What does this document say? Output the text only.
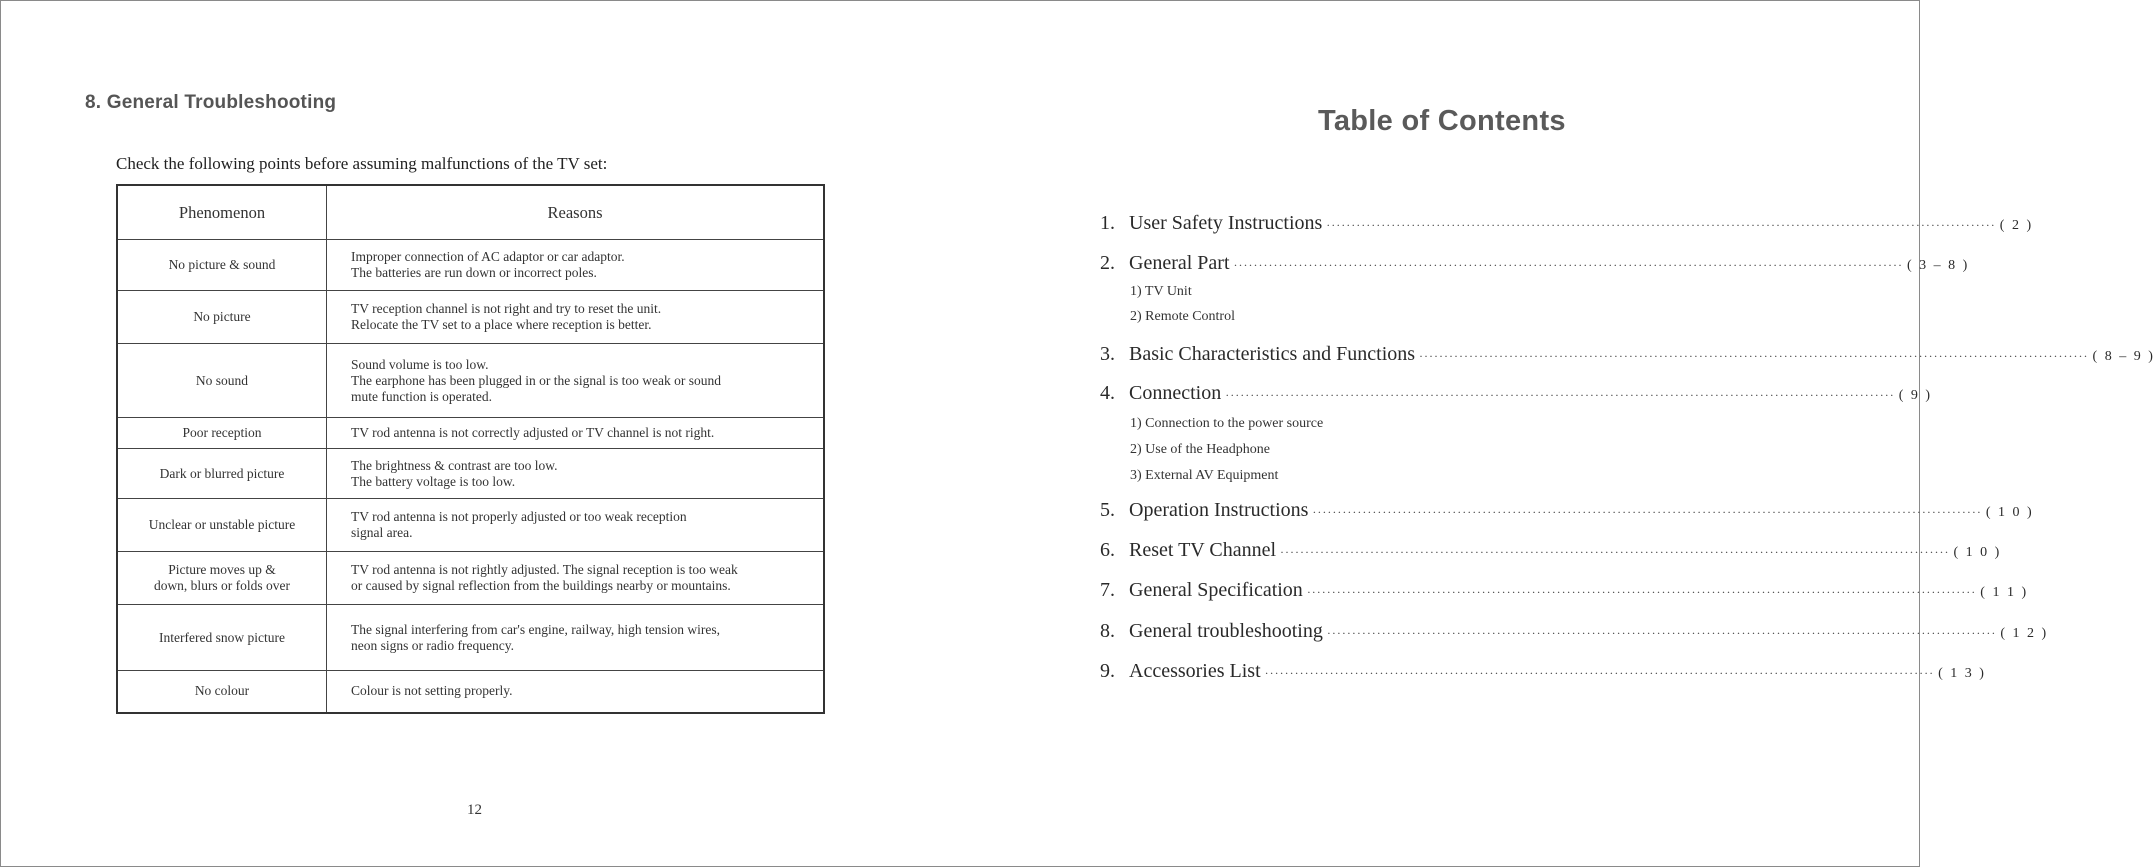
8. General Troubleshooting
Check the following points before assuming malfunctions of the TV set:
Phenomenon	Reasons

No picture & sound	Improper connection of AC adaptor or car adaptor.
The batteries are run down or incorrect poles.

No picture	TV reception channel is not right and try to reset the unit.
Relocate the TV set to a place where reception is better.

No sound	Sound volume is too low.
The earphone has been plugged in or the signal is too weak or sound
mute function is operated.

Poor reception	TV rod antenna is not correctly adjusted or TV channel is not right.

Dark or blurred picture	The brightness & contrast are too low.
The battery voltage is too low.

Unclear or unstable picture	TV rod antenna is not properly adjusted or too weak reception
signal area.

Picture moves up &
down, blurs or folds over	TV rod antenna is not rightly adjusted. The signal reception is too weak
or caused by signal reflection from the buildings nearby or mountains.

Interfered snow picture	The signal interfering from car's engine, railway, high tension wires,
neon signs or radio frequency.

No colour	Colour is not setting properly.
12
Table of Contents
1. User Safety Instructions ······································································································································ ( 2 )
2. General Part ······································································································································ ( 3 – 8 )
1) TV Unit
2) Remote Control
3. Basic Characteristics and Functions ······································································································································ ( 8 – 9 )
4. Connection ······································································································································ ( 9 )
1) Connection to the power source
2) Use of the Headphone
3) External AV Equipment
5. Operation Instructions ······································································································································ ( 1 0 )
6. Reset TV Channel ······································································································································ ( 1 0 )
7. General Specification ······································································································································ ( 1 1 )
8. General troubleshooting ······································································································································ ( 1 2 )
9. Accessories List ······································································································································ ( 1 3 )
